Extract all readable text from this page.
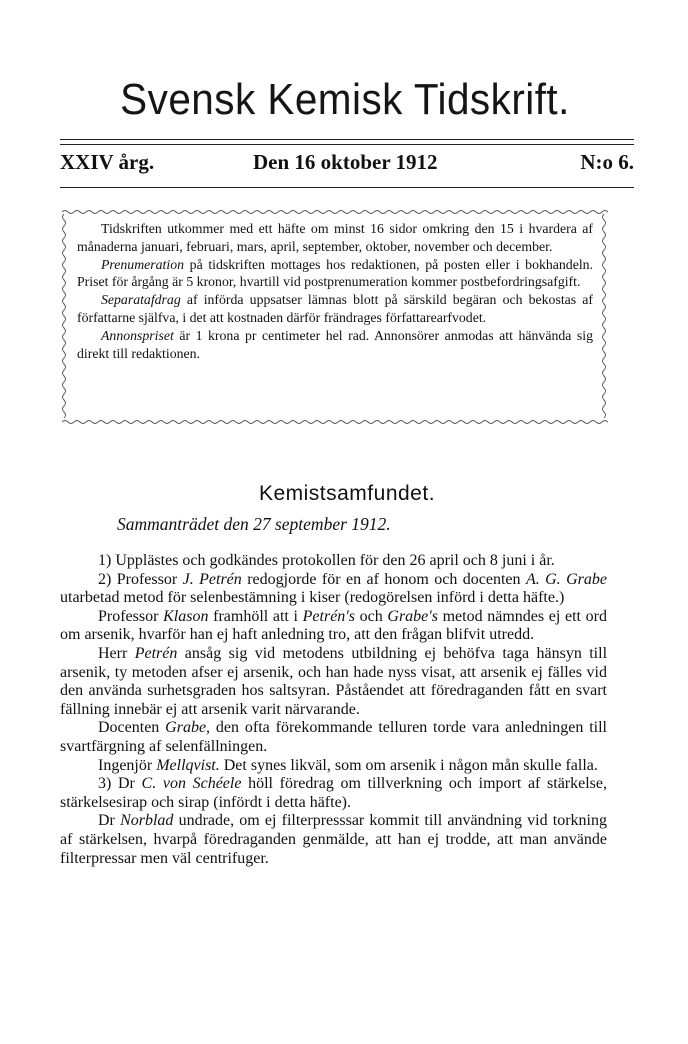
Svensk Kemisk Tidskrift.
XXIV årg.	Den 16 oktober 1912	N:o 6.

Tidskriften utkommer med ett häfte om minst 16 sidor omkring den 15 i hvardera af månaderna januari, februari, mars, april, september, oktober, november och december.

Prenumeration på tidskriften mottages hos redaktionen, på posten eller i bokhandeln. Priset för årgång är 5 kronor, hvartill vid postprenumeration kommer postbefordringsafgift.

Separatafdrag af införda uppsatser lämnas blott på särskild begäran och bekostas af författarne själfva, i det att kostnaden därför frändrages författarearfvodet.

Annonspriset är 1 krona pr centimeter hel rad. Annonsörer anmodas att hänvända sig direkt till redaktionen.

Kemistsamfundet.
Sammanträdet den 27 september 1912.

1) Upplästes och godkändes protokollen för den 26 april och 8 juni i år.

2) Professor J. Petrén redogjorde för en af honom och docenten A. G. Grabe utarbetad metod för selenbestämning i kiser (redogörelsen införd i detta häfte.)

Professor Klason framhöll att i Petrén's och Grabe's metod nämndes ej ett ord om arsenik, hvarför han ej haft anledning tro, att den frågan blifvit utredd.

Herr Petrén ansåg sig vid metodens utbildning ej behöfva taga hänsyn till arsenik, ty metoden afser ej arsenik, och han hade nyss visat, att arsenik ej fälles vid den använda surhetsgraden hos saltsyran. Påståendet att föredraganden fått en svart fällning innebär ej att arsenik varit närvarande.

Docenten Grabe, den ofta förekommande telluren torde vara anledningen till svartfärgning af selenfällningen.

Ingenjör Mellqvist. Det synes likväl, som om arsenik i någon mån skulle falla.

3) Dr C. von Schéele höll föredrag om tillverkning och import af stärkelse, stärkelsesirap och sirap (infördt i detta häfte).

Dr Norblad undrade, om ej filterpresssar kommit till användning vid torkning af stärkelsen, hvarpå föredraganden genmälde, att han ej trodde, att man använde filterpressar men väl centrifuger.
